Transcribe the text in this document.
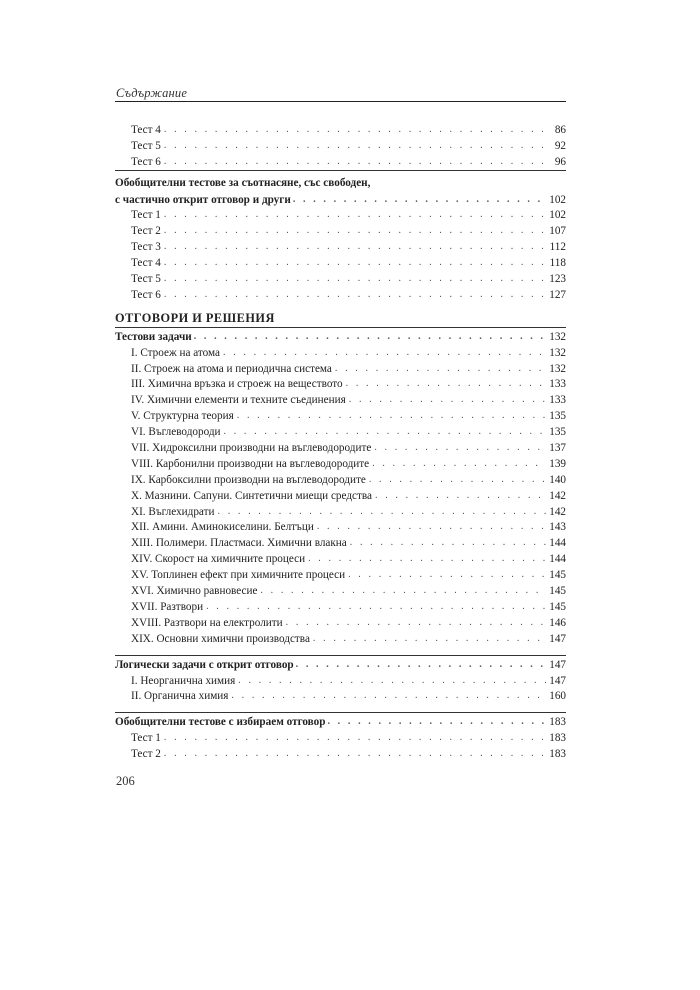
Съдържание
Тест 4 . . .	86
Тест 5 . . .	92
Тест 6 . . .	96
Обобщителни тестове за съотнасяне, със свободен,
с частично открит отговор и други . . .	102
Тест 1 . . .	102
Тест 2 . . .	107
Тест 3 . . .	112
Тест 4 . . .	118
Тест 5 . . .	123
Тест 6 . . .	127
ОТГОВОРИ И РЕШЕНИЯ
Тестови задачи . . .	132
I. Строеж на атома . . .	132
II. Строеж на атома и периодична система . . .	132
III. Химична връзка и строеж на веществото . . .	133
IV. Химични елементи и техните съединения . . .	133
V. Структурна теория . . .	135
VI. Въглеводороди . . .	135
VII. Хидроксилни производни на въглеводородите . . .	137
VIII. Карбонилни производни на въглеводородите . . .	139
IX. Карбоксилни производни на въглеводородите . . .	140
X. Мазнини. Сапуни. Синтетични миещи средства . . .	142
XI. Въглехидрати . . .	142
XII. Амини. Аминокиселини. Белтъци . . .	143
XIII. Полимери. Пластмаси. Химични влакна . . .	144
XIV. Скорост на химичните процеси . . .	144
XV. Топлинен ефект при химичните процеси . . .	145
XVI. Химично равновесие . . .	145
XVII. Разтвори . . .	145
XVIII. Разтвори на електролити . . .	146
XIX. Основни химични производства . . .	147
Логически задачи с открит отговор . . .	147
I. Неорганична химия . . .	147
II. Органична химия . . .	160
Обобщителни тестове с избираем отговор . . .	183
Тест 1 . . .	183
Тест 2 . . .	183
206
